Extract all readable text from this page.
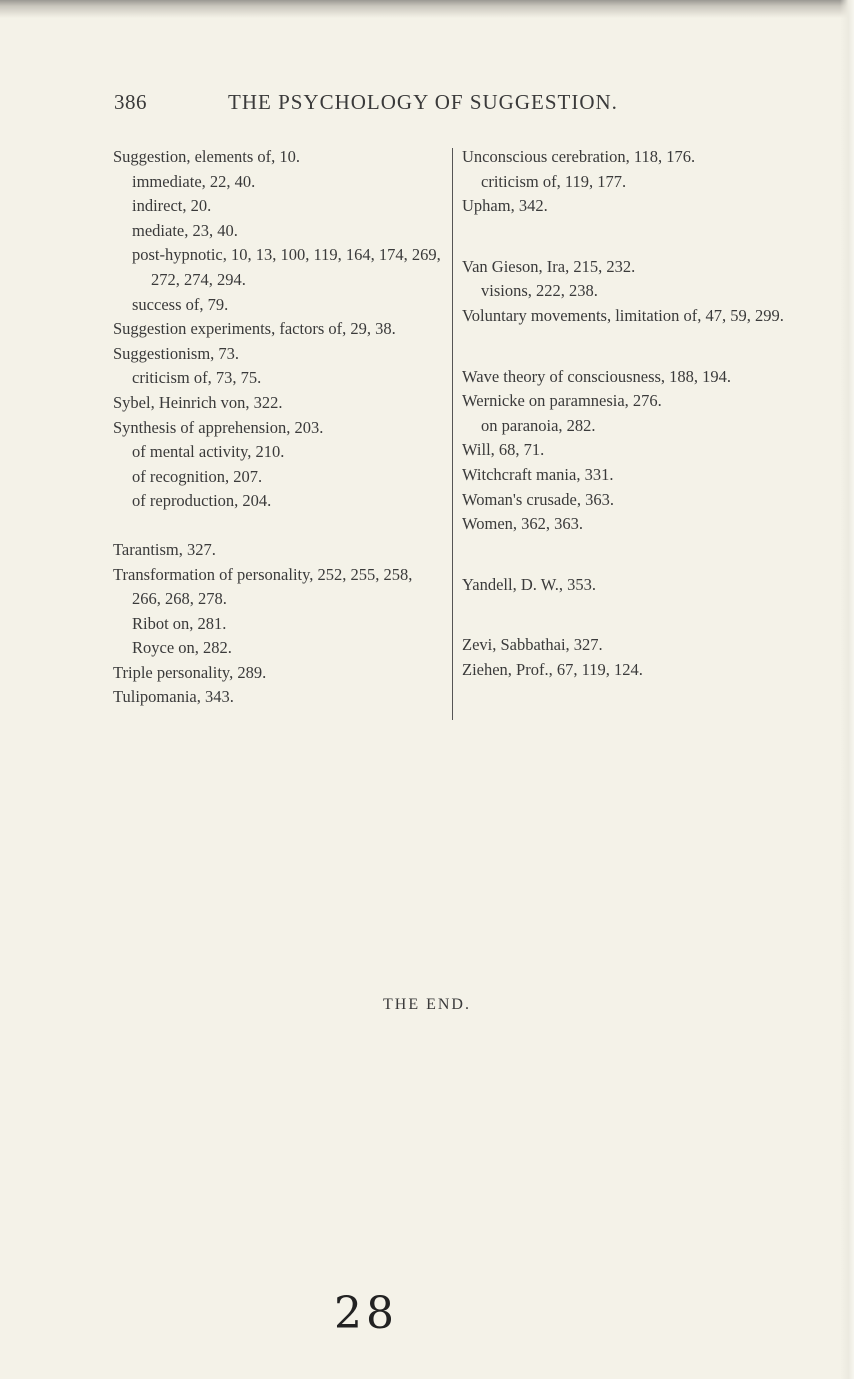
386	THE PSYCHOLOGY OF SUGGESTION.
Suggestion, elements of, 10.
immediate, 22, 40.
indirect, 20.
mediate, 23, 40.
post-hypnotic, 10, 13, 100, 119, 164, 174, 269, 272, 274, 294.
success of, 79.
Suggestion experiments, factors of, 29, 38.
Suggestionism, 73.
criticism of, 73, 75.
Sybel, Heinrich von, 322.
Synthesis of apprehension, 203.
of mental activity, 210.
of recognition, 207.
of reproduction, 204.
Tarantism, 327.
Transformation of personality, 252, 255, 258, 266, 268, 278.
Ribot on, 281.
Royce on, 282.
Triple personality, 289.
Tulipomania, 343.
Unconscious cerebration, 118, 176.
criticism of, 119, 177.
Upham, 342.
Van Gieson, Ira, 215, 232.
visions, 222, 238.
Voluntary movements, limitation of, 47, 59, 299.
Wave theory of consciousness, 188, 194.
Wernicke on paramnesia, 276.
on paranoia, 282.
Will, 68, 71.
Witchcraft mania, 331.
Woman's crusade, 363.
Women, 362, 363.
Yandell, D. W., 353.
Zevi, Sabbathai, 327.
Ziehen, Prof., 67, 119, 124.
THE END.
28
